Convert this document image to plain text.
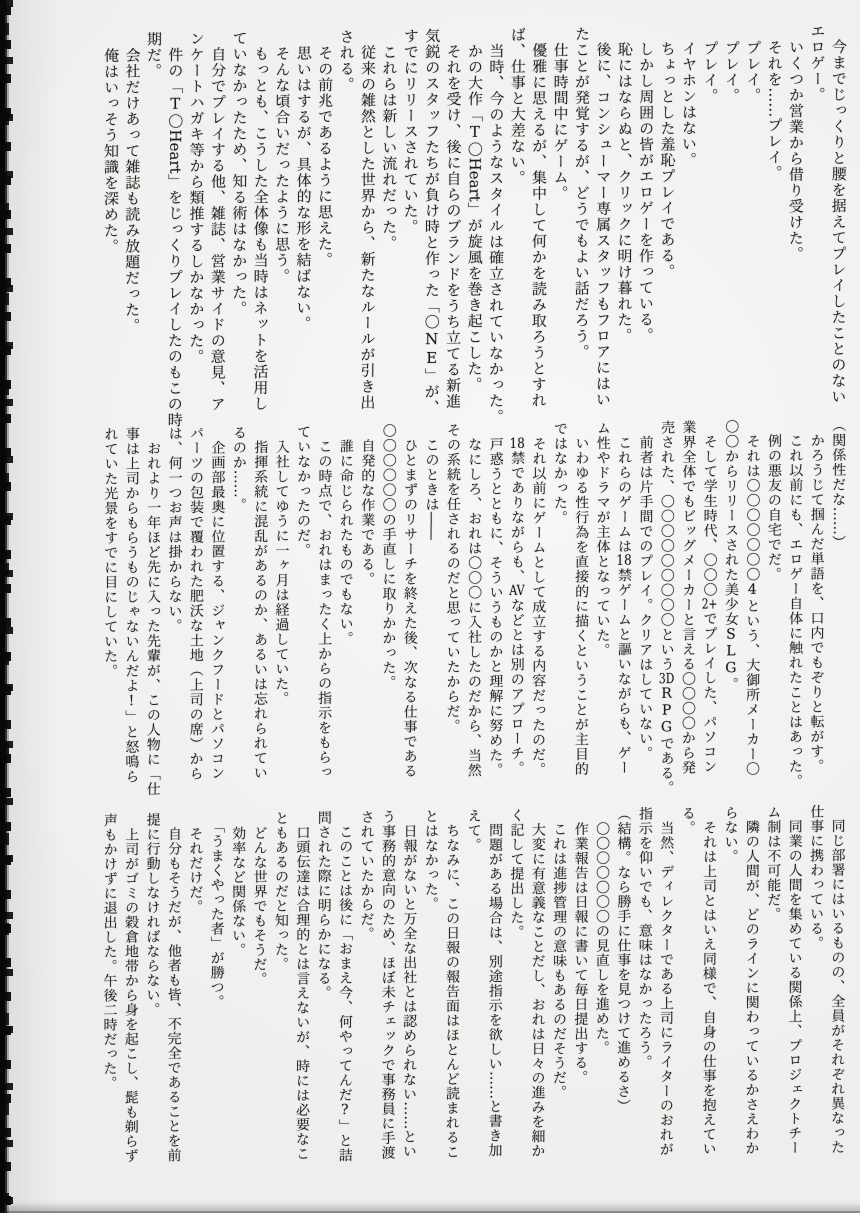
　今までじっくりと腰を据えてプレイしたことのない

エロゲー。

　いくつか営業から借り受けた。

　それを……プレイ。

　プレイ。

　プレイ。

　プレイ。

　イヤホンはない。

　ちょっとした羞恥プレイである。

　しかし周囲の皆がエロゲーを作っている。

　恥にはならぬと、クリックに明け暮れた。

　後に、コンシューマー専属スタッフもフロアにはい

たことが発覚するが、どうでもよい話だろう。

　仕事時間中にゲーム。

　優雅に思えるが、集中して何かを読み取ろうとすれ

ば、仕事と大差ない。

　当時、今のようなスタイルは確立されていなかった。

　かの大作「T〇Heart」が旋風を巻き起こした。

　それを受け、後に自らのブランドをうち立てる新進

気鋭のスタッフたちが負け時と作った「〇NE」が、

すでにリリースされていた。

　これらは新しい流れだった。

　従来の雑然とした世界から、新たなルールが引き出

される。

　その前兆であるように思えた。

　思いはするが、具体的な形を結ばない。

　そんな頃合いだったように思う。

　もっとも、こうした全体像も当時はネットを活用し

ていなかったため、知る術はなかった。

　自分でプレイする他、雑誌、営業サイドの意見、ア

ンケートハガキ等から類推するしかなかった。

　件の「T〇Heart」をじっくりプレイしたのもこの時

期だ。

　会社だけあって雑誌も読み放題だった。

　俺はいっそう知識を深めた。

（関係性だな……）

　かろうじて掴んだ単語を、口内でもぞりと転がす。

　これ以前にも、エロゲー自体に触れたことはあった。

　例の悪友の自宅でだ。

　それは〇〇〇〇〇〇〇4という、大御所メーカー〇

〇〇からリリースされた美少女SLG。

　そして学生時代、〇〇〇2+でプレイした、パソコン

業界全体でもビッグメーカーと言える〇〇〇〇から発

売された、〇〇〇〇〇〇〇〇〇という3DRPGである。

　前者は片手間でのプレイ。クリアはしていない。

　これらのゲームは18禁ゲームと謳いながらも、ゲー

ム性やドラマが主体となっていた。

　いわゆる性行為を直接的に描くということが主目的

ではなかった。

　それ以前にゲームとして成立する内容だったのだ。

　18禁でありながらも、AVなどとは別のアプローチ。

　戸惑うとともに、そういうものかと理解に努めた。

　なにしろ、おれは〇〇〇に入社したのだから、当然

その系統を任されるのだと思っていたからだ。

　このときは――

　ひとまずのリサーチを終えた後、次なる仕事である

〇〇〇〇〇〇の手直しに取りかかった。

　自発的な作業である。

　誰に命じられたものでもない。

　この時点で、おれはまったく上からの指示をもらっ

ていなかったのだ。

　入社してゆうに一ヶ月は経過していた。

　指揮系統に混乱があるのか、あるいは忘れられてい

るのか……。

　企画部最奥に位置する、ジャンクフードとパソコン

パーツの包装で覆われた肥沃な土地（上司の席）から

は、何一つお声は掛からない。

　おれより一年ほど先に入った先輩が、この人物に「仕

事は上司からもらうものじゃないんだよ!」と怒鳴ら

れていた光景をすでに目にしていた。

　同じ部署にはいるものの、全員がそれぞれ異なった

仕事に携わっている。

　同業の人間を集めている関係上、プロジェクトチー

ム制は不可能だ。

　隣の人間が、どのラインに関わっているかさえわか

らない。

　それは上司とはいえ同様で、自身の仕事を抱えてい

る。

　当然、ディレクターである上司にライターのおれが

指示を仰いでも、意味はなかったろう。

（結構。なら勝手に仕事を見つけて進めるさ）

　〇〇〇〇〇〇〇の見直しを進めた。

　作業報告は日報に書いて毎日提出する。

　これは進捗管理の意味もあるのだそうだ。

　大変に有意義なことだし、おれは日々の進みを細か

く記して提出した。

　問題がある場合は、別途指示を欲しい……と書き加

えて。

　ちなみに、この日報の報告面はほとんど読まれるこ

とはなかった。

　日報がないと万全な出社とは認められない……とい

う事務的意向のため、ほぼ未チェックで事務員に手渡

されていたからだ。

　このことは後に「おまえ今、何やってんだ?」と詰

問された際に明らかになる。

　口頭伝達は合理的とは言えないが、時には必要なこ

ともあるのだと知った。

　どんな世界でもそうだ。

　効率など関係ない。

　「うまくやった者」が勝つ。

　それだけだ。

　自分もそうだが、他者も皆、不完全であることを前

提に行動しなければならない。

　上司がゴミの穀倉地帯から身を起こし、髭も剃らず

声もかけずに退出した。午後二時だった。
